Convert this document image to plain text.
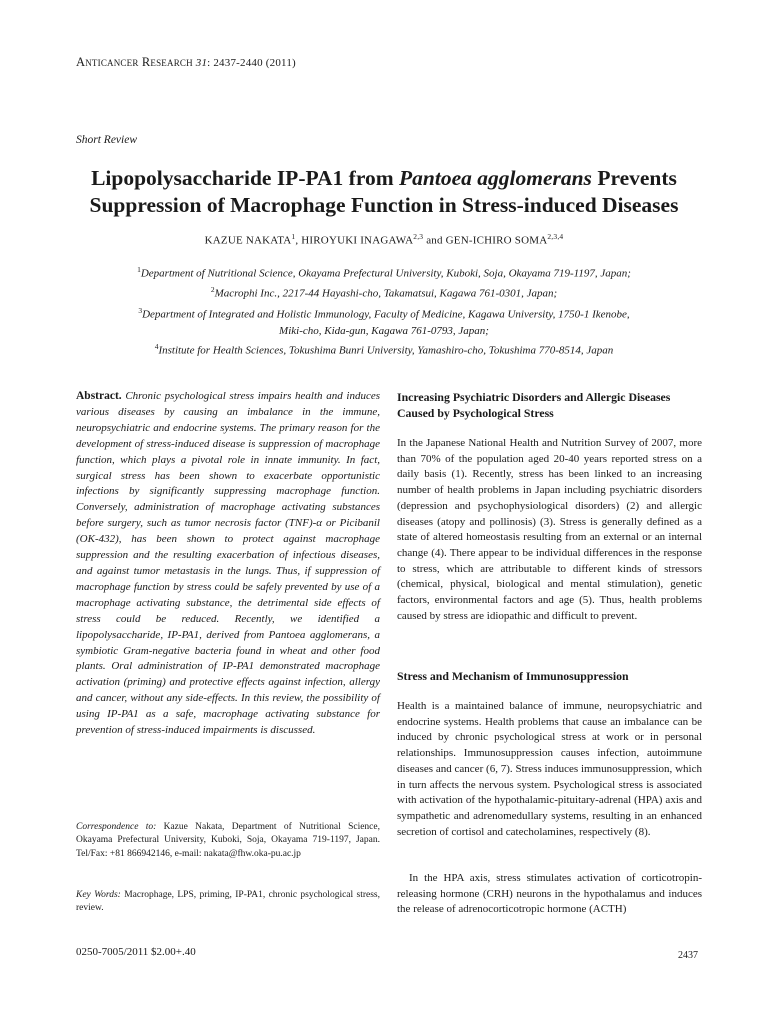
Anticancer Research 31: 2437-2440 (2011)
Short Review
Lipopolysaccharide IP-PA1 from Pantoea agglomerans Prevents
Suppression of Macrophage Function in Stress-induced Diseases
KAZUE NAKATA$^1$, HIROYUKI INAGAWA$^{2,3}$ and GEN-ICHIRO SOMA$^{2,3,4}$
$^1$Department of Nutritional Science, Okayama Prefectural University, Kuboki, Soja, Okayama 719-1197, Japan;
$^2$Macrophi Inc., 2217-44 Hayashi-cho, Takamatsui, Kagawa 761-0301, Japan;
$^3$Department of Integrated and Holistic Immunology, Faculty of Medicine, Kagawa University, 1750-1 Ikenobe,
Miki-cho, Kida-gun, Kagawa 761-0793, Japan;
$^4$Institute for Health Sciences, Tokushima Bunri University, Yamashiro-cho, Tokushima 770-8514, Japan

Abstract. Chronic psychological stress impairs health and induces various diseases by causing an imbalance in the immune, neuropsychiatric and endocrine systems. The primary reason for the development of stress-induced disease is suppression of macrophage function, which plays a pivotal role in innate immunity. In fact, surgical stress has been shown to exacerbate opportunistic infections by significantly suppressing macrophage function. Conversely, administration of macrophage activating substances before surgery, such as tumor necrosis factor (TNF)-α or Picibanil (OK-432), has been shown to protect against macrophage suppression and the resulting exacerbation of infectious diseases, and against tumor metastasis in the lungs. Thus, if suppression of macrophage function by stress could be safely prevented by use of a macrophage activating substance, the detrimental side effects of stress could be reduced. Recently, we identified a lipopolysaccharide, IP-PA1, derived from Pantoea agglomerans, a symbiotic Gram-negative bacteria found in wheat and other food plants. Oral administration of IP-PA1 demonstrated macrophage activation (priming) and protective effects against infection, allergy and cancer, without any side-effects. In this review, the possibility of using IP-PA1 as a safe, macrophage activating substance for prevention of stress-induced impairments is discussed.

Correspondence to: Kazue Nakata, Department of Nutritional Science, Okayama Prefectural University, Kuboki, Soja, Okayama 719-1197, Japan. Tel/Fax: +81 866942146, e-mail: nakata@fhw.oka-pu.ac.jp

Key Words: Macrophage, LPS, priming, IP-PA1, chronic psychological stress, review.

Increasing Psychiatric Disorders and Allergic Diseases Caused by Psychological Stress

In the Japanese National Health and Nutrition Survey of 2007, more than 70% of the population aged 20-40 years reported stress on a daily basis (1). Recently, stress has been linked to an increasing number of health problems in Japan including psychiatric disorders (depression and psychophysiological disorders) (2) and allergic diseases (atopy and pollinosis) (3). Stress is generally defined as a state of altered homeostasis resulting from an external or an internal change (4). There appear to be individual differences in the response to stress, which are attributable to different kinds of stressors (chemical, physical, biological and mental stimulation), genetic factors, environmental factors and age (5). Thus, health problems caused by stress are idiopathic and difficult to prevent.

Stress and Mechanism of Immunosuppression

Health is a maintained balance of immune, neuropsychiatric and endocrine systems. Health problems that cause an imbalance can be induced by chronic psychological stress at work or in personal relationships. Immunosuppression causes infection, autoimmune diseases and cancer (6, 7). Stress induces immunosuppression, which in turn affects the nervous system. Psychological stress is associated with activation of the hypothalamic-pituitary-adrenal (HPA) axis and sympathetic and adrenomedullary systems, resulting in an enhanced secretion of cortisol and catecholamines, respectively (8).

In the HPA axis, stress stimulates activation of corticotropin-releasing hormone (CRH) neurons in the hypothalamus and induces the release of adrenocorticotropic hormone (ACTH)

0250-7005/2011 $2.00+.40	2437
